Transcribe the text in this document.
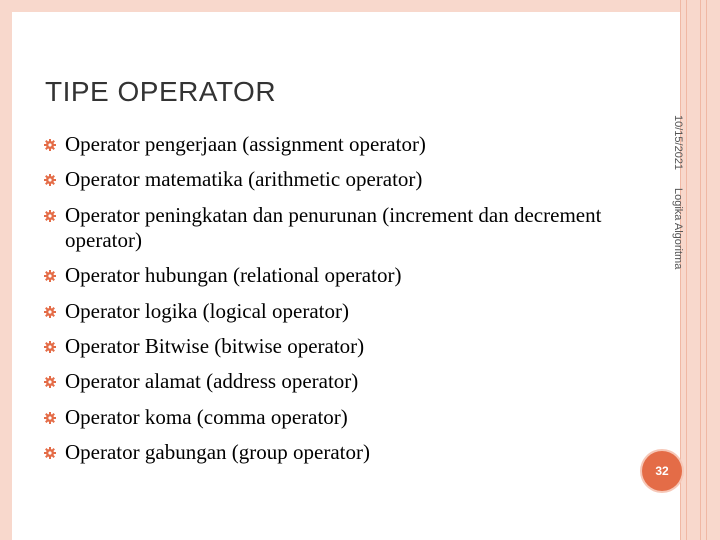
TIPE OPERATOR
10/15/2021
Logika Algoritma
Operator pengerjaan (assignment operator)
Operator matematika (arithmetic operator)
Operator peningkatan dan penurunan (increment dan decrement operator)
Operator hubungan (relational operator)
Operator logika (logical operator)
Operator Bitwise (bitwise operator)
Operator alamat (address operator)
Operator koma (comma operator)
Operator gabungan (group operator)
32
